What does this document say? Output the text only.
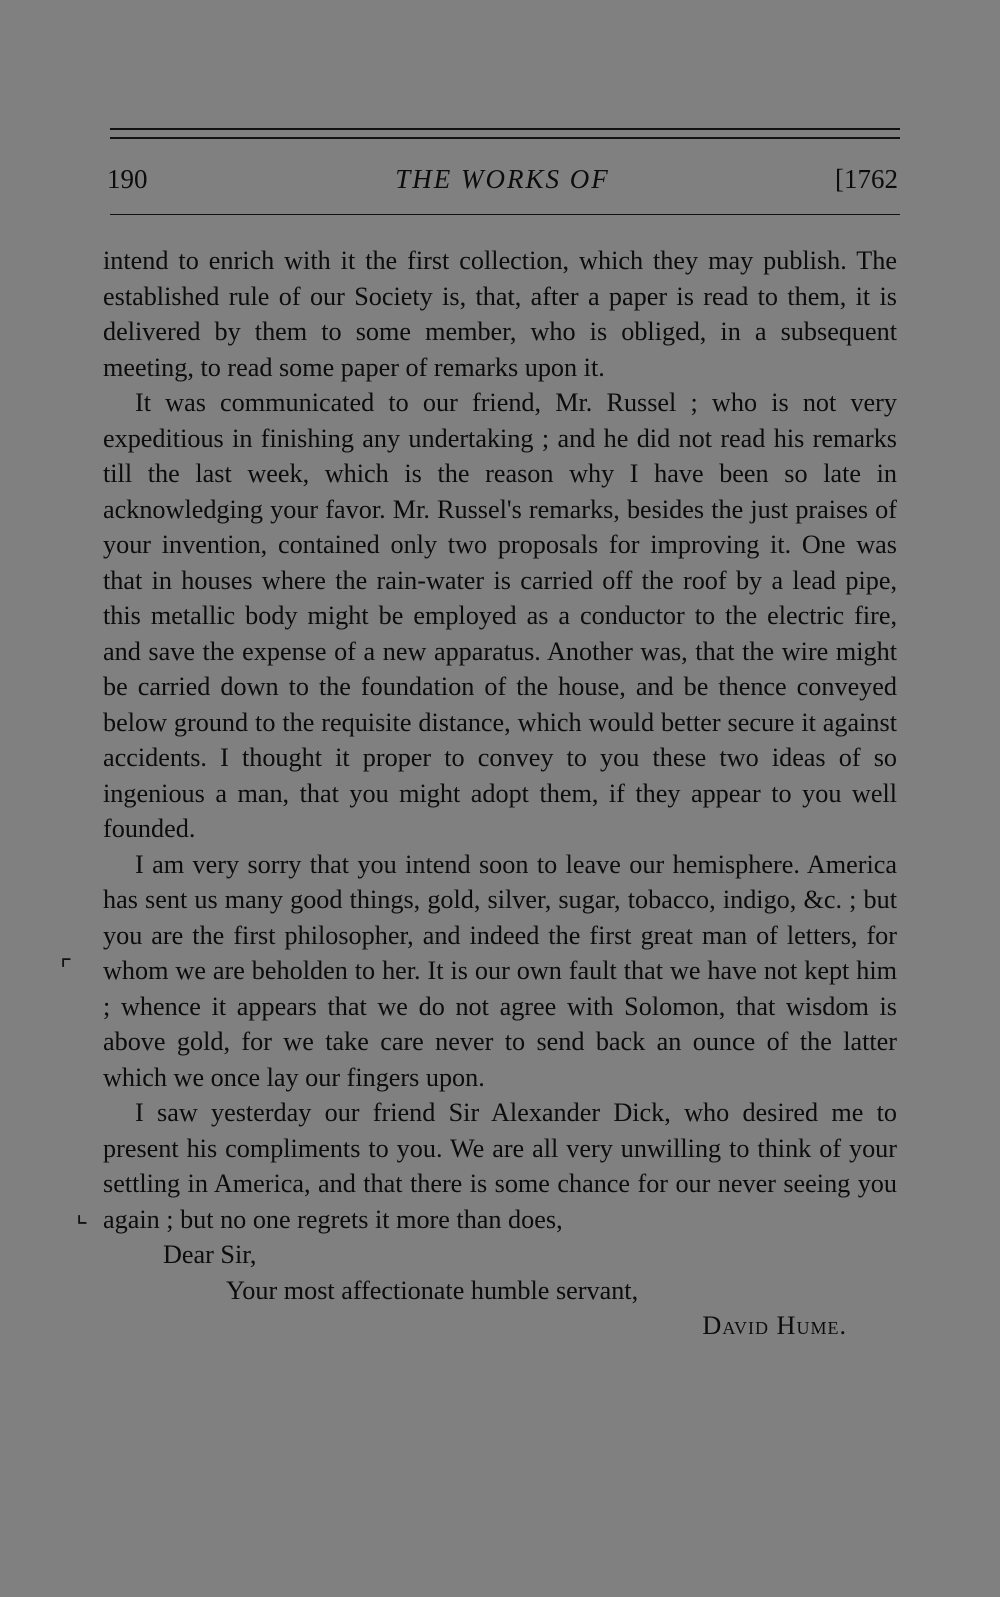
190	THE WORKS OF	[1762
⌜
⌞

intend to enrich with it the first collection, which they may publish. The established rule of our Society is, that, after a paper is read to them, it is delivered by them to some member, who is obliged, in a subsequent meeting, to read some paper of remarks upon it.

It was communicated to our friend, Mr. Russel ; who is not very expeditious in finishing any undertaking ; and he did not read his remarks till the last week, which is the reason why I have been so late in acknowledging your favor. Mr. Russel's remarks, besides the just praises of your invention, contained only two proposals for improving it. One was that in houses where the rain-water is carried off the roof by a lead pipe, this metallic body might be employed as a conductor to the electric fire, and save the expense of a new apparatus. Another was, that the wire might be carried down to the foundation of the house, and be thence conveyed below ground to the requisite distance, which would better secure it against accidents. I thought it proper to convey to you these two ideas of so ingenious a man, that you might adopt them, if they appear to you well founded.

I am very sorry that you intend soon to leave our hemisphere. America has sent us many good things, gold, silver, sugar, tobacco, indigo, &c. ; but you are the first philosopher, and indeed the first great man of letters, for whom we are beholden to her. It is our own fault that we have not kept him ; whence it appears that we do not agree with Solomon, that wisdom is above gold, for we take care never to send back an ounce of the latter which we once lay our fingers upon.

I saw yesterday our friend Sir Alexander Dick, who desired me to present his compliments to you. We are all very unwilling to think of your settling in America, and that there is some chance for our never seeing you again ; but no one regrets it more than does,

Dear Sir,

Your most affectionate humble servant,

David Hume.
